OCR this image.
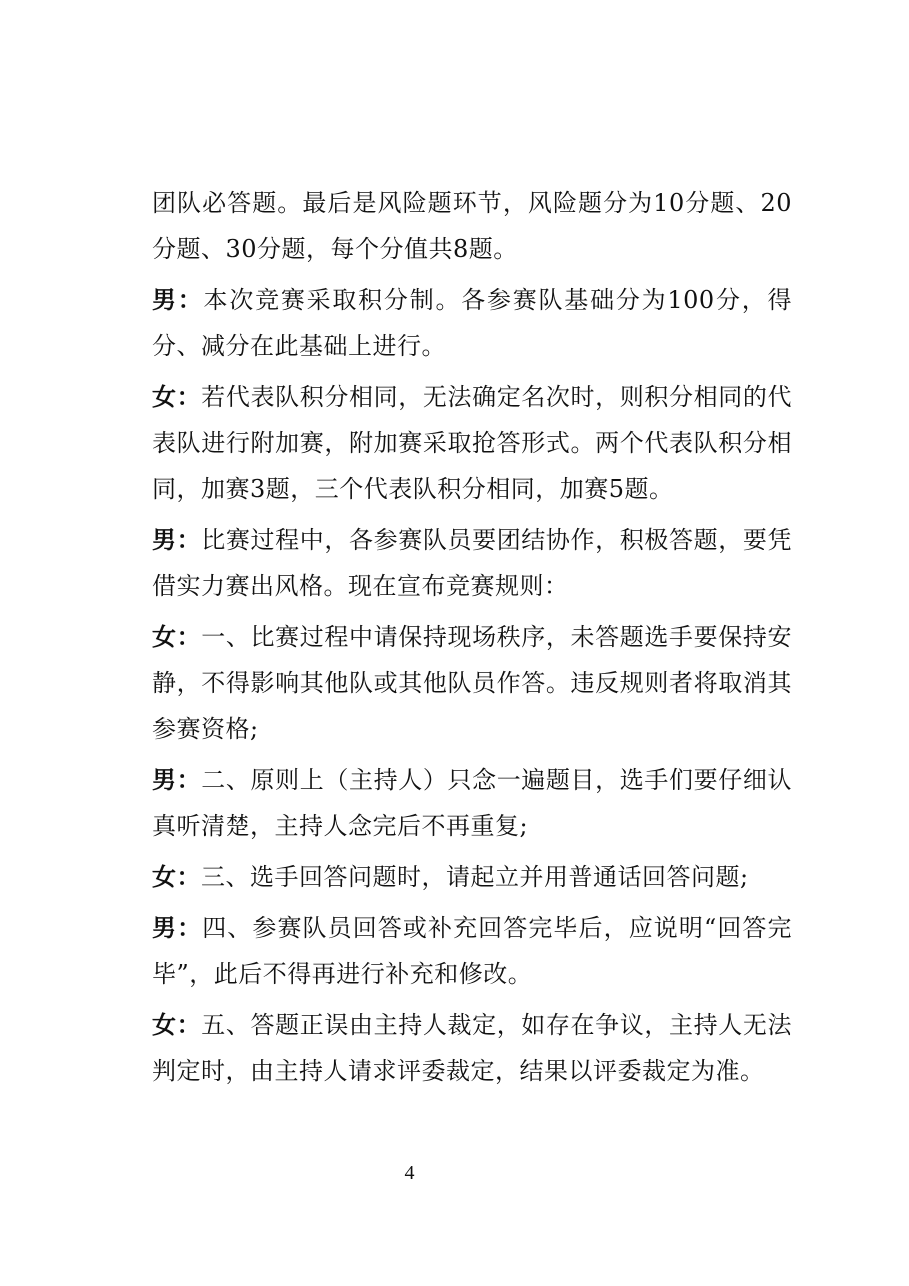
团队必答题。最后是风险题环节，风险题分为10分题、20分题、30分题，每个分值共8题。

男：本次竞赛采取积分制。各参赛队基础分为100分，得分、减分在此基础上进行。

女：若代表队积分相同，无法确定名次时，则积分相同的代表队进行附加赛，附加赛采取抢答形式。两个代表队积分相同，加赛3题，三个代表队积分相同，加赛5题。

男：比赛过程中，各参赛队员要团结协作，积极答题，要凭借实力赛出风格。现在宣布竞赛规则：

女：一、比赛过程中请保持现场秩序，未答题选手要保持安静，不得影响其他队或其他队员作答。违反规则者将取消其参赛资格;

男：二、原则上（主持人）只念一遍题目，选手们要仔细认真听清楚，主持人念完后不再重复;

女：三、选手回答问题时，请起立并用普通话回答问题;

男：四、参赛队员回答或补充回答完毕后，应说明“回答完毕”，此后不得再进行补充和修改。

女：五、答题正误由主持人裁定，如存在争议，主持人无法判定时，由主持人请求评委裁定，结果以评委裁定为准。

4
